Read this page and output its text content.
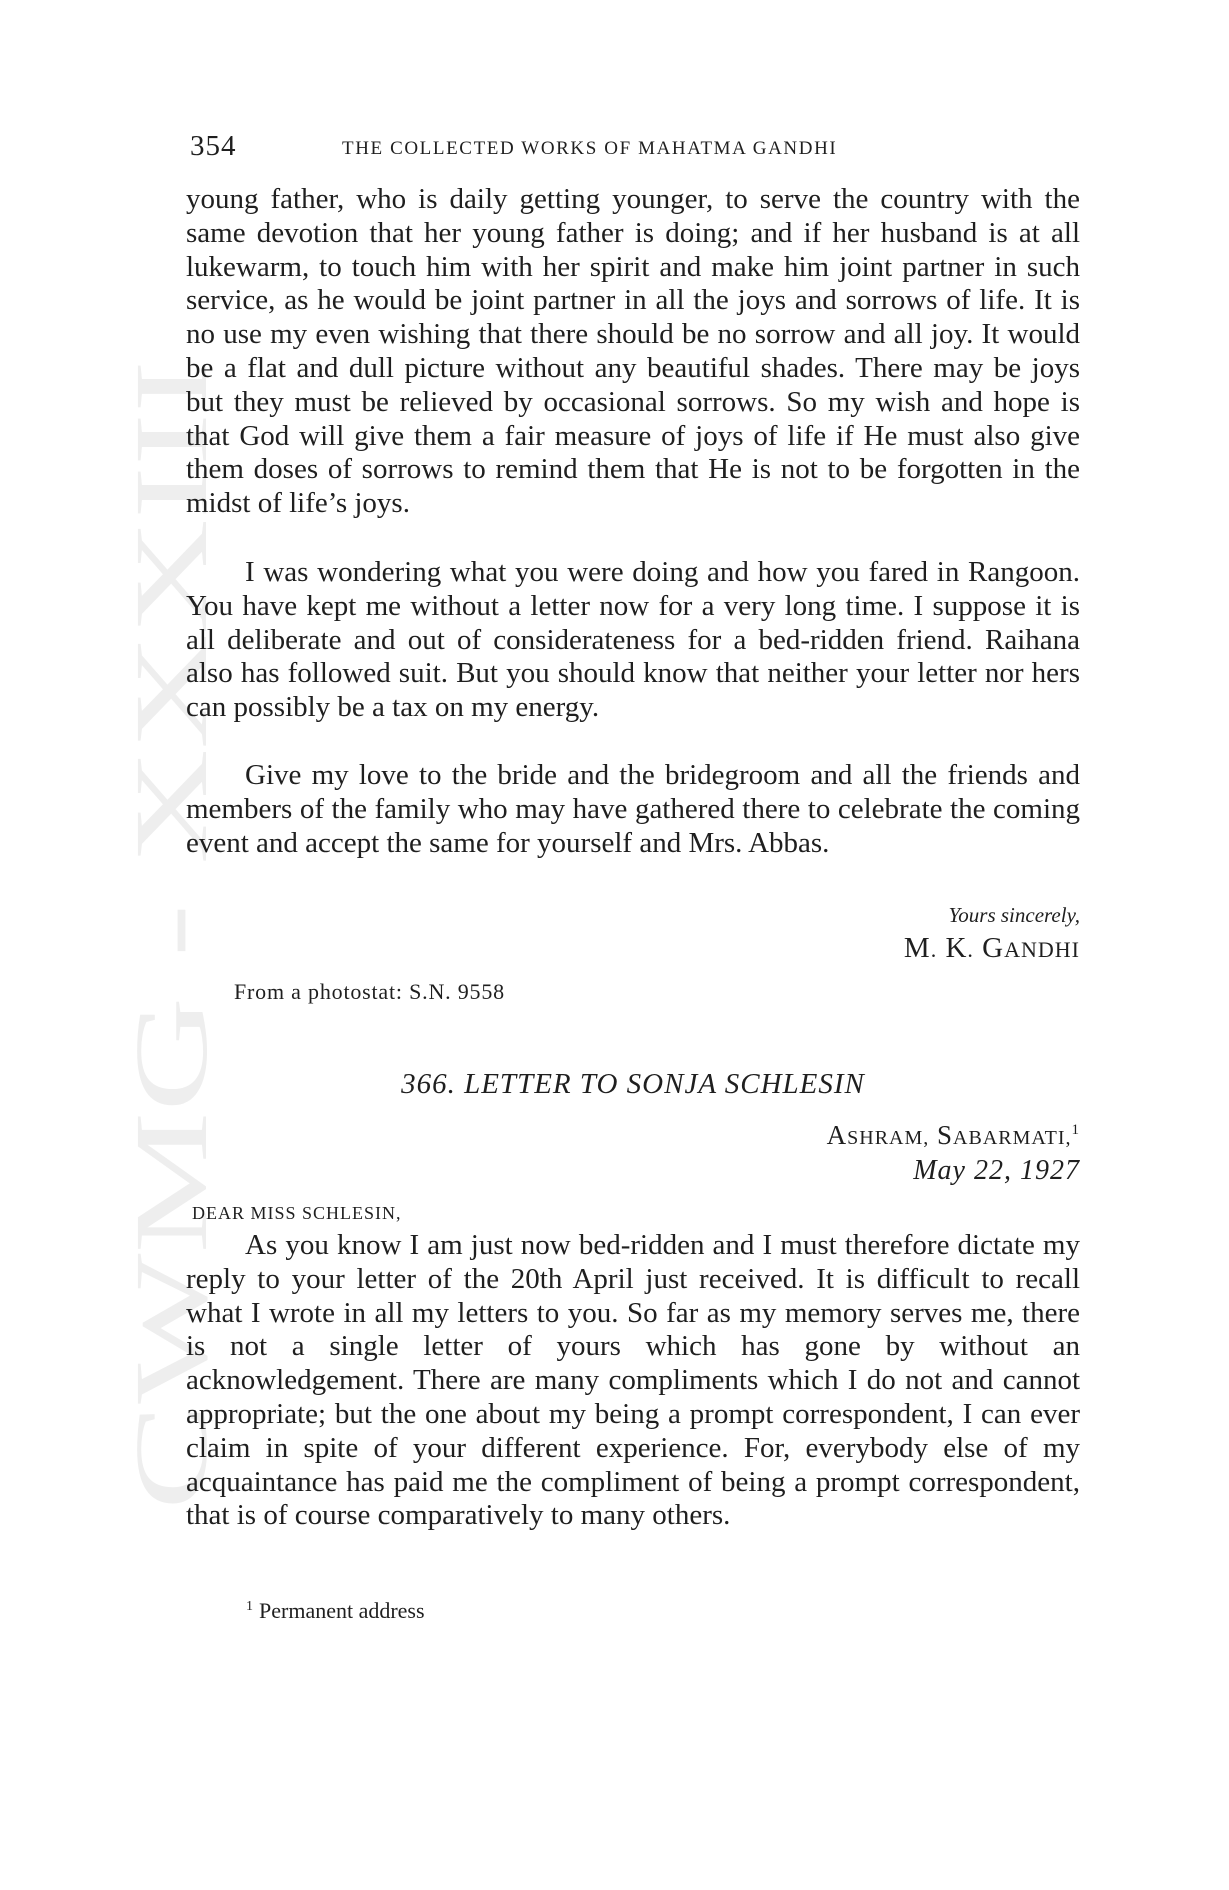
CWMG - XXXIII
354	THE COLLECTED WORKS OF MAHATMA GANDHI

young father, who is daily getting younger, to serve the country with the same devotion that her young father is doing; and if her husband is at all lukewarm, to touch him with her spirit and make him joint partner in such service, as he would be joint partner in all the joys and sorrows of life. It is no use my even wishing that there should be no sorrow and all joy. It would be a flat and dull picture without any beautiful shades. There may be joys but they must be relieved by occasional sorrows. So my wish and hope is that God will give them a fair measure of joys of life if He must also give them doses of sorrows to remind them that He is not to be forgotten in the midst of life’s joys.

I was wondering what you were doing and how you fared in Rangoon. You have kept me without a letter now for a very long time. I suppose it is all deliberate and out of considerateness for a bed-ridden friend. Raihana also has followed suit. But you should know that neither your letter nor hers can possibly be a tax on my energy.

Give my love to the bride and the bridegroom and all the friends and members of the family who may have gathered there to celebrate the coming event and accept the same for yourself and Mrs. Abbas.

Yours sincerely,
M. K. GANDHI
From a photostat: S.N. 9558
366. LETTER TO SONJA SCHLESIN
ASHRAM, SABARMATI,$^1$
May 22, 1927
DEAR MISS SCHLESIN,

As you know I am just now bed-ridden and I must therefore dictate my reply to your letter of the 20th April just received. It is difficult to recall what I wrote in all my letters to you. So far as my memory serves me, there is not a single letter of yours which has gone by without an acknowledgement. There are many compliments which I do not and cannot appropriate; but the one about my being a prompt correspondent, I can ever claim in spite of your different experience. For, everybody else of my acquaintance has paid me the compliment of being a prompt correspondent, that is of course comparatively to many others.

$^1$ Permanent address
